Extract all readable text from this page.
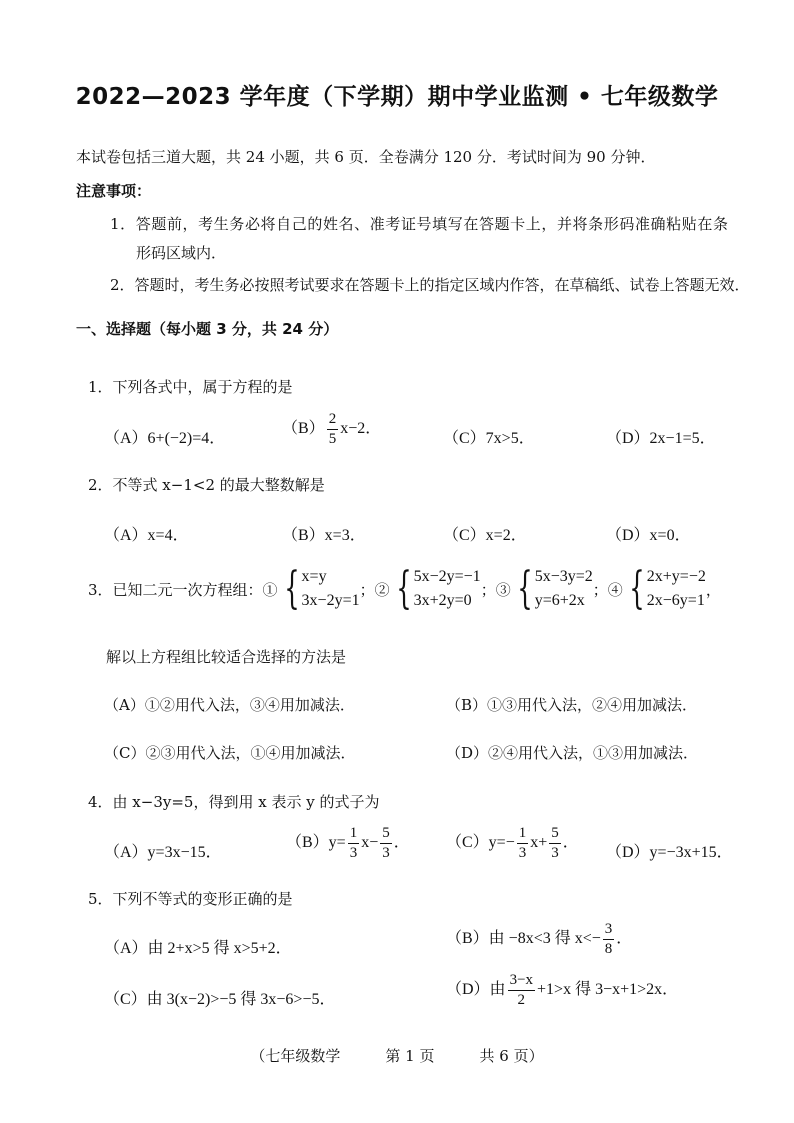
2022—2023 学年度（下学期）期中学业监测 • 七年级数学
本试卷包括三道大题，共 24 小题，共 6 页．全卷满分 120 分．考试时间为 90 分钟．
注意事项：
1．答题前，考生务必将自己的姓名、准考证号填写在答题卡上，并将条形码准确粘贴在条
形码区域内．
2．答题时，考生务必按照考试要求在答题卡上的指定区域内作答，在草稿纸、试卷上答题无效．
一、选择题（每小题 3 分，共 24 分）
1．下列各式中，属于方程的是
（A）6+(−2)=4．
$(B) \frac{2}{5} x-2$．
（C）7x>5．	（D）2x−1=5．
2．不等式 x−1<2 的最大整数解是
（A）x=4．	（B）x=3．	（C）x=2．	（D）x=0．
3．已知二元一次方程组：① { x=y
3x−2y=1
；② { 5x−2y=−1
3x+2y=0
；③ { 5x−3y=2
y=6+2x
；④ { 2x+y=−2
2x−6y=1
，
解以上方程组比较适合选择的方法是
（A）①②用代入法，③④用加减法．	（B）①③用代入法，②④用加减法．
（C）②③用代入法，①④用加减法．	（D）②④用代入法，①③用加减法．
4．由 x−3y=5，得到用 x 表示 y 的式子为
（A）y=3x−15．
$(B)y= \frac{1}{3} x- \frac{5}{3}$ ． $(C)y=- \frac{1}{3} x+ \frac{5}{3}$ ．
（D）y=−3x+15．
5．下列不等式的变形正确的是
（A）由 2+x>5 得 x>5+2．
（B）由 −8x<3 得 $x<- \frac{3}{8}$ ．
（C）由 3(x−2)>−5 得 3x−6>−5．
（D）由 $\frac{3-x}{2} +1>x$ 得 3−x+1>2x．
（七年级数学　　　第 1 页　　　共 6 页）
